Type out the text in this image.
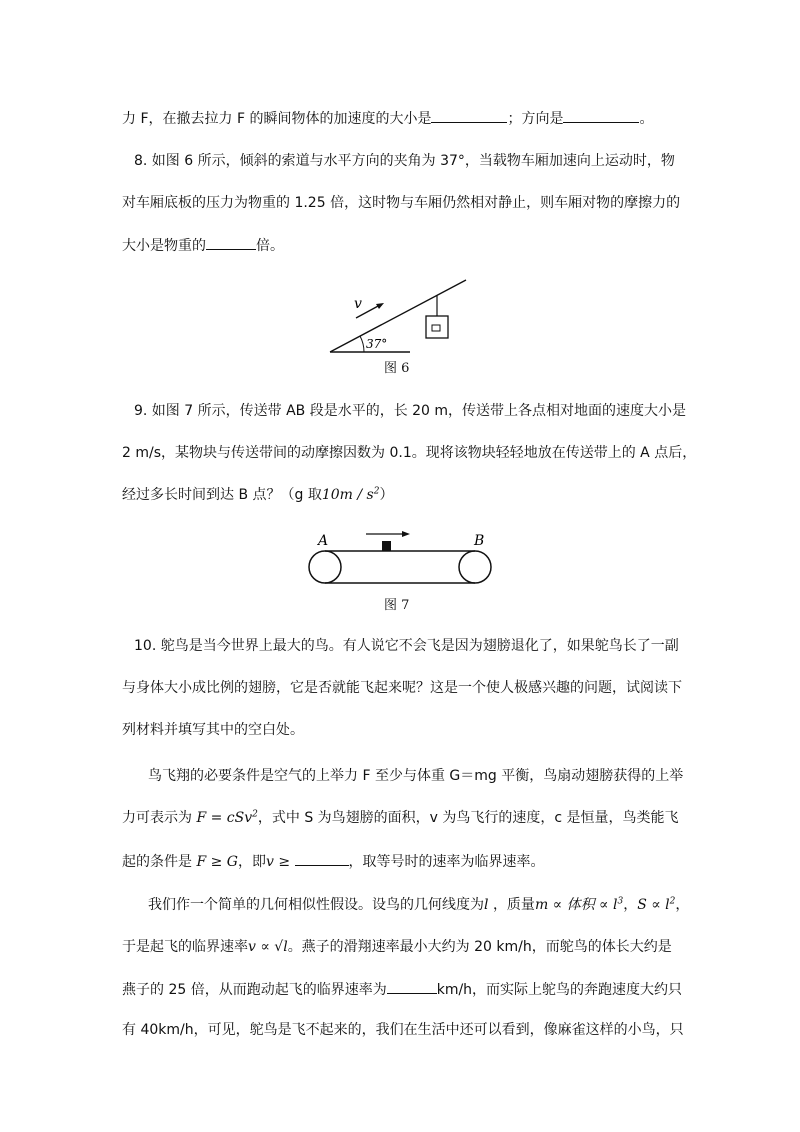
力 F，在撤去拉力 F 的瞬间物体的加速度的大小是	；方向是	。
8. 如图 6 所示，倾斜的索道与水平方向的夹角为 37°，当载物车厢加速向上运动时，物
对车厢底板的压力为物重的 1.25 倍，这时物与车厢仍然相对静止，则车厢对物的摩擦力的
大小是物重的	倍。
37°
v
图 6
9. 如图 7 所示，传送带 AB 段是水平的，长 20 m，传送带上各点相对地面的速度大小是
2 m/s，某物块与传送带间的动摩擦因数为 0.1。现将该物块轻轻地放在传送带上的 A 点后，
经过多长时间到达 B 点？（g 取$10m / s^2$）
A	B
图 7
10. 鸵鸟是当今世界上最大的鸟。有人说它不会飞是因为翅膀退化了，如果鸵鸟长了一副
与身体大小成比例的翅膀，它是否就能飞起来呢？这是一个使人极感兴趣的问题，试阅读下
列材料并填写其中的空白处。
鸟飞翔的必要条件是空气的上举力 F 至少与体重 G＝mg 平衡，鸟扇动翅膀获得的上举
力可表示为 F = cSv$^2$，式中 S 为鸟翅膀的面积，v 为鸟飞行的速度，c 是恒量，鸟类能飞
起的条件是 F ≥ G，即v ≥	，取等号时的速率为临界速率。
我们作一个简单的几何相似性假设。设鸟的几何线度为l ，质量m ∝ 体积 ∝ $l^3$，$S \propto l^2$，
于是起飞的临界速率v ∝ √l。燕子的滑翔速率最小大约为 20 km/h，而鸵鸟的体长大约是
燕子的 25 倍，从而跑动起飞的临界速率为	km/h，而实际上鸵鸟的奔跑速度大约只
有 40km/h，可见，鸵鸟是飞不起来的，我们在生活中还可以看到，像麻雀这样的小鸟，只
